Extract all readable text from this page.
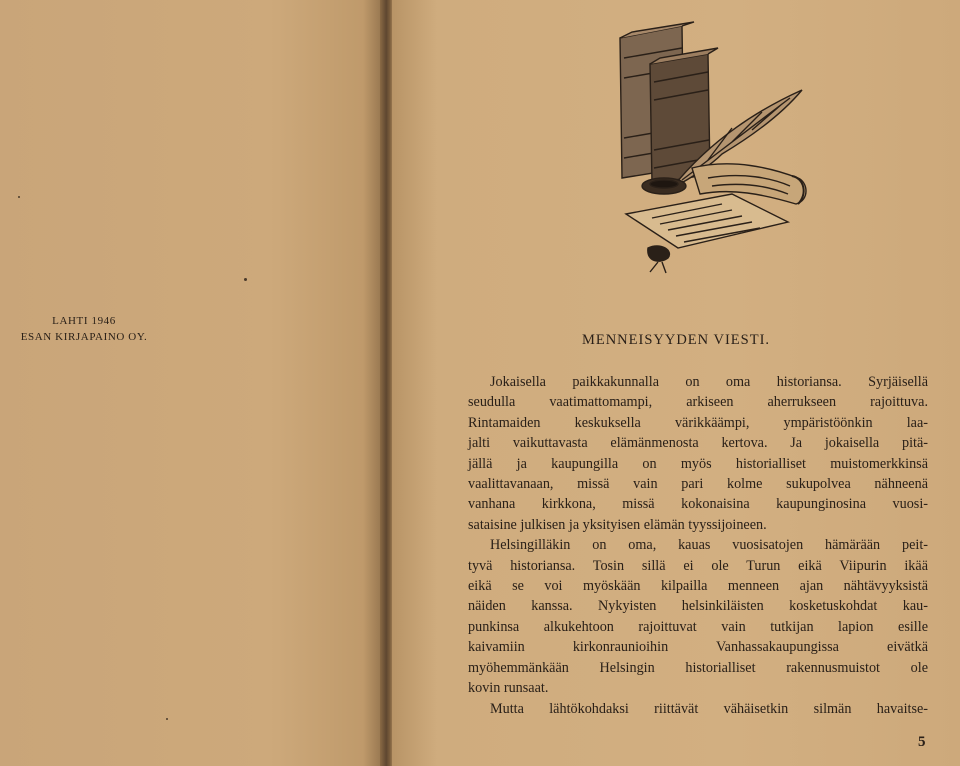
LAHTI 1946
ESAN KIRJAPAINO OY.	MENNEISYYDEN VIESTI.
Jokaisella paikkakunnalla on oma historiansa. Syrjäisellä
seudulla vaatimattomampi, arkiseen aherrukseen rajoittuva.
Rintamaiden keskuksella värikkäämpi, ympäristöönkin laa-
jalti vaikuttavasta elämänmenosta kertova. Ja jokaisella pitä-
jällä ja kaupungilla on myös historialliset muistomerkkinsä
vaalittavanaan, missä vain pari kolme sukupolvea nähneenä
vanhana kirkkona, missä kokonaisina kaupunginosina vuosi-
sataisine julkisen ja yksityisen elämän tyyssijoineen.
Helsingilläkin on oma, kauas vuosisatojen hämärään peit-
tyvä historiansa. Tosin sillä ei ole Turun eikä Viipurin ikää
eikä se voi myöskään kilpailla menneen ajan nähtävyyksistä
näiden kanssa. Nykyisten helsinkiläisten kosketuskohdat kau-
punkinsa alkukehtoon rajoittuvat vain tutkijan lapion esille
kaivamiin kirkonraunioihin Vanhassakaupungissa eivätkä
myöhemmänkään Helsingin historialliset rakennusmuistot ole
kovin runsaat.
Mutta lähtökohdaksi riittävät vähäisetkin silmän havaitse-
5
